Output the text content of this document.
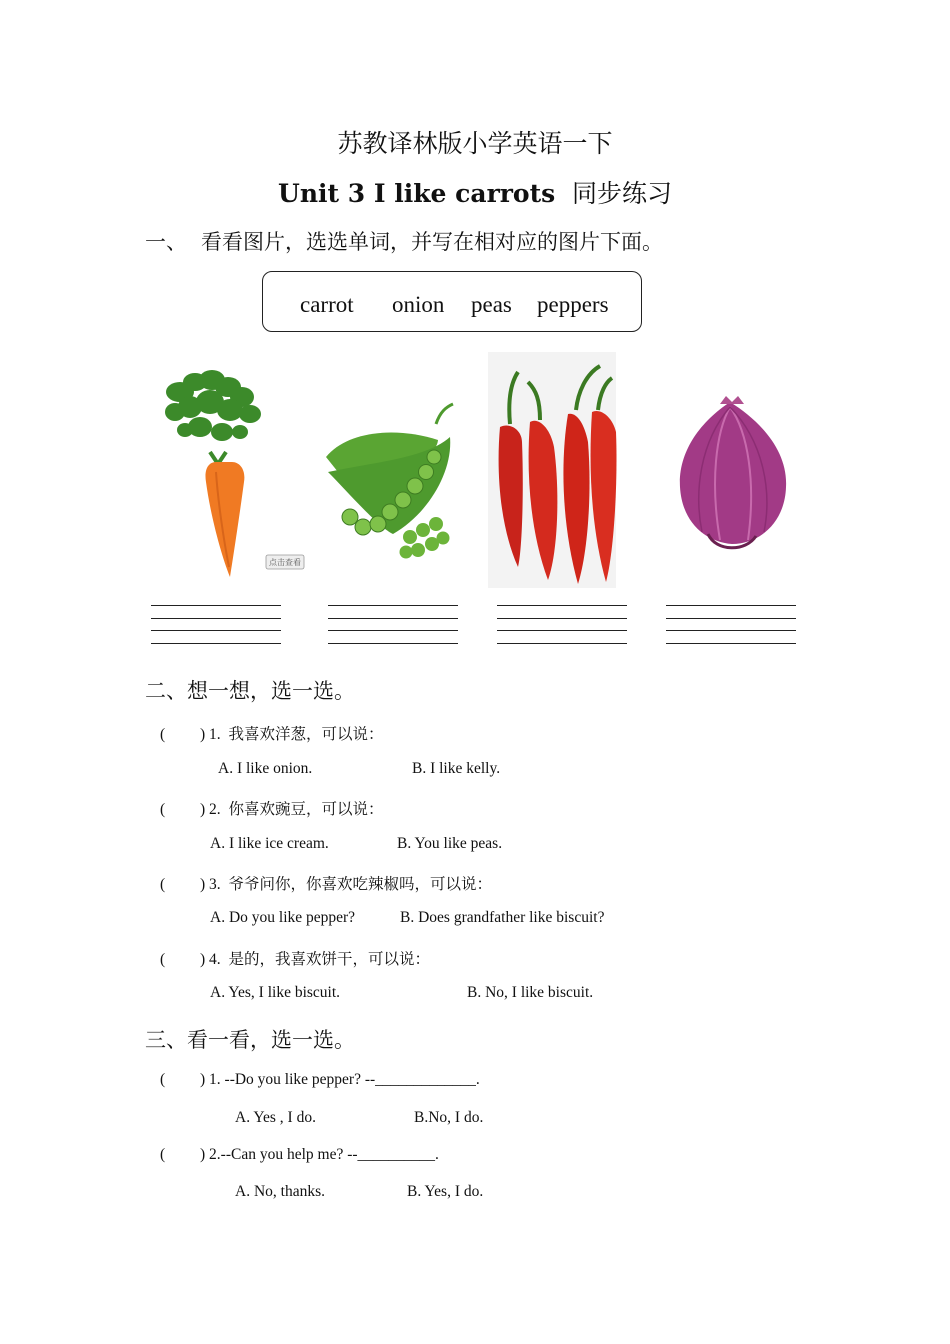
苏教译林版小学英语一下
Unit 3 I like carrots 同步练习
一、 看看图片，选选单词，并写在相对应的图片下面。
carrot onion peas peppers
点击查看
二、想一想，选一选。
( ) 1. 我喜欢洋葱，可以说：
A. I like onion.	B. I like kelly.
( ) 2. 你喜欢豌豆，可以说：
A. I like ice cream.	B. You like peas.
( ) 3. 爷爷问你，你喜欢吃辣椒吗，可以说：
A. Do you like pepper?	B. Does grandfather like biscuit?
( ) 4. 是的，我喜欢饼干，可以说：
A. Yes, I like biscuit.	B. No, I like biscuit.
三、看一看，选一选。
( ) 1. --Do you like pepper? --_____________.
A. Yes , I do.	B.No, I do.
( ) 2.--Can you help me? --__________.
A. No, thanks.	B. Yes, I do.
